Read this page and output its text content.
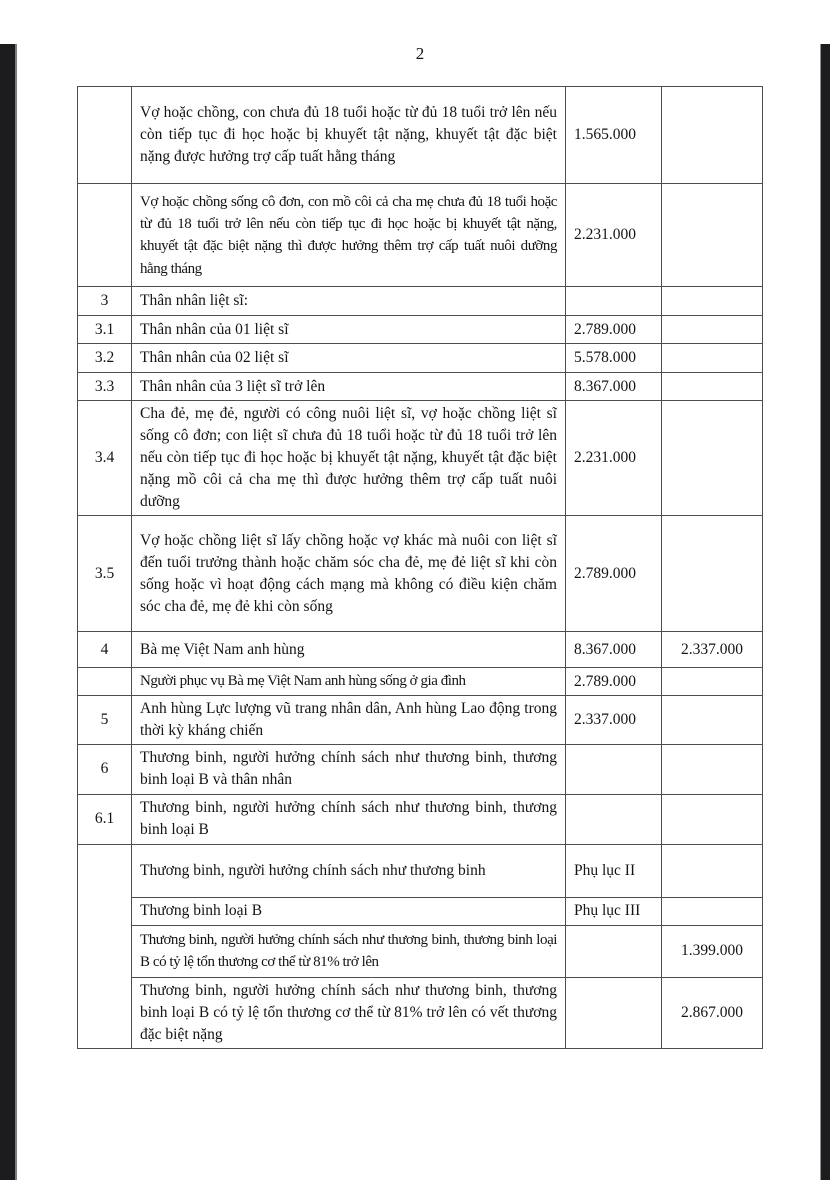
2
	Vợ hoặc chồng, con chưa đủ 18 tuổi hoặc từ đủ 18 tuổi trở lên nếu còn tiếp tục đi học hoặc bị khuyết tật nặng, khuyết tật đặc biệt nặng được hưởng trợ cấp tuất hằng tháng	1.565.000	
	Vợ hoặc chồng sống cô đơn, con mồ côi cả cha mẹ chưa đủ 18 tuổi hoặc từ đủ 18 tuổi trở lên nếu còn tiếp tục đi học hoặc bị khuyết tật nặng, khuyết tật đặc biệt nặng thì được hưởng thêm trợ cấp tuất nuôi dưỡng hằng tháng	2.231.000	
3	Thân nhân liệt sĩ:		
3.1	Thân nhân của 01 liệt sĩ	2.789.000	
3.2	Thân nhân của 02 liệt sĩ	5.578.000	
3.3	Thân nhân của 3 liệt sĩ trở lên	8.367.000	
3.4	Cha đẻ, mẹ đẻ, người có công nuôi liệt sĩ, vợ hoặc chồng liệt sĩ sống cô đơn; con liệt sĩ chưa đủ 18 tuổi hoặc từ đủ 18 tuổi trở lên nếu còn tiếp tục đi học hoặc bị khuyết tật nặng, khuyết tật đặc biệt nặng mồ côi cả cha mẹ thì được hưởng thêm trợ cấp tuất nuôi dưỡng	2.231.000	
3.5	Vợ hoặc chồng liệt sĩ lấy chồng hoặc vợ khác mà nuôi con liệt sĩ đến tuổi trưởng thành hoặc chăm sóc cha đẻ, mẹ đẻ liệt sĩ khi còn sống hoặc vì hoạt động cách mạng mà không có điều kiện chăm sóc cha đẻ, mẹ đẻ khi còn sống	2.789.000	
4	Bà mẹ Việt Nam anh hùng	8.367.000	2.337.000
	Người phục vụ Bà mẹ Việt Nam anh hùng sống ở gia đình	2.789.000	
5	Anh hùng Lực lượng vũ trang nhân dân, Anh hùng Lao động trong thời kỳ kháng chiến	2.337.000	
6	Thương binh, người hưởng chính sách như thương binh, thương binh loại B và thân nhân		
6.1	Thương binh, người hưởng chính sách như thương binh, thương binh loại B		
	Thương binh, người hưởng chính sách như thương binh	Phụ lục II	
	Thương binh loại B	Phụ lục III	
	Thương binh, người hưởng chính sách như thương binh, thương binh loại B có tỷ lệ tổn thương cơ thể từ 81% trở lên		1.399.000
	Thương binh, người hưởng chính sách như thương binh, thương binh loại B có tỷ lệ tổn thương cơ thể từ 81% trở lên có vết thương đặc biệt nặng		2.867.000
